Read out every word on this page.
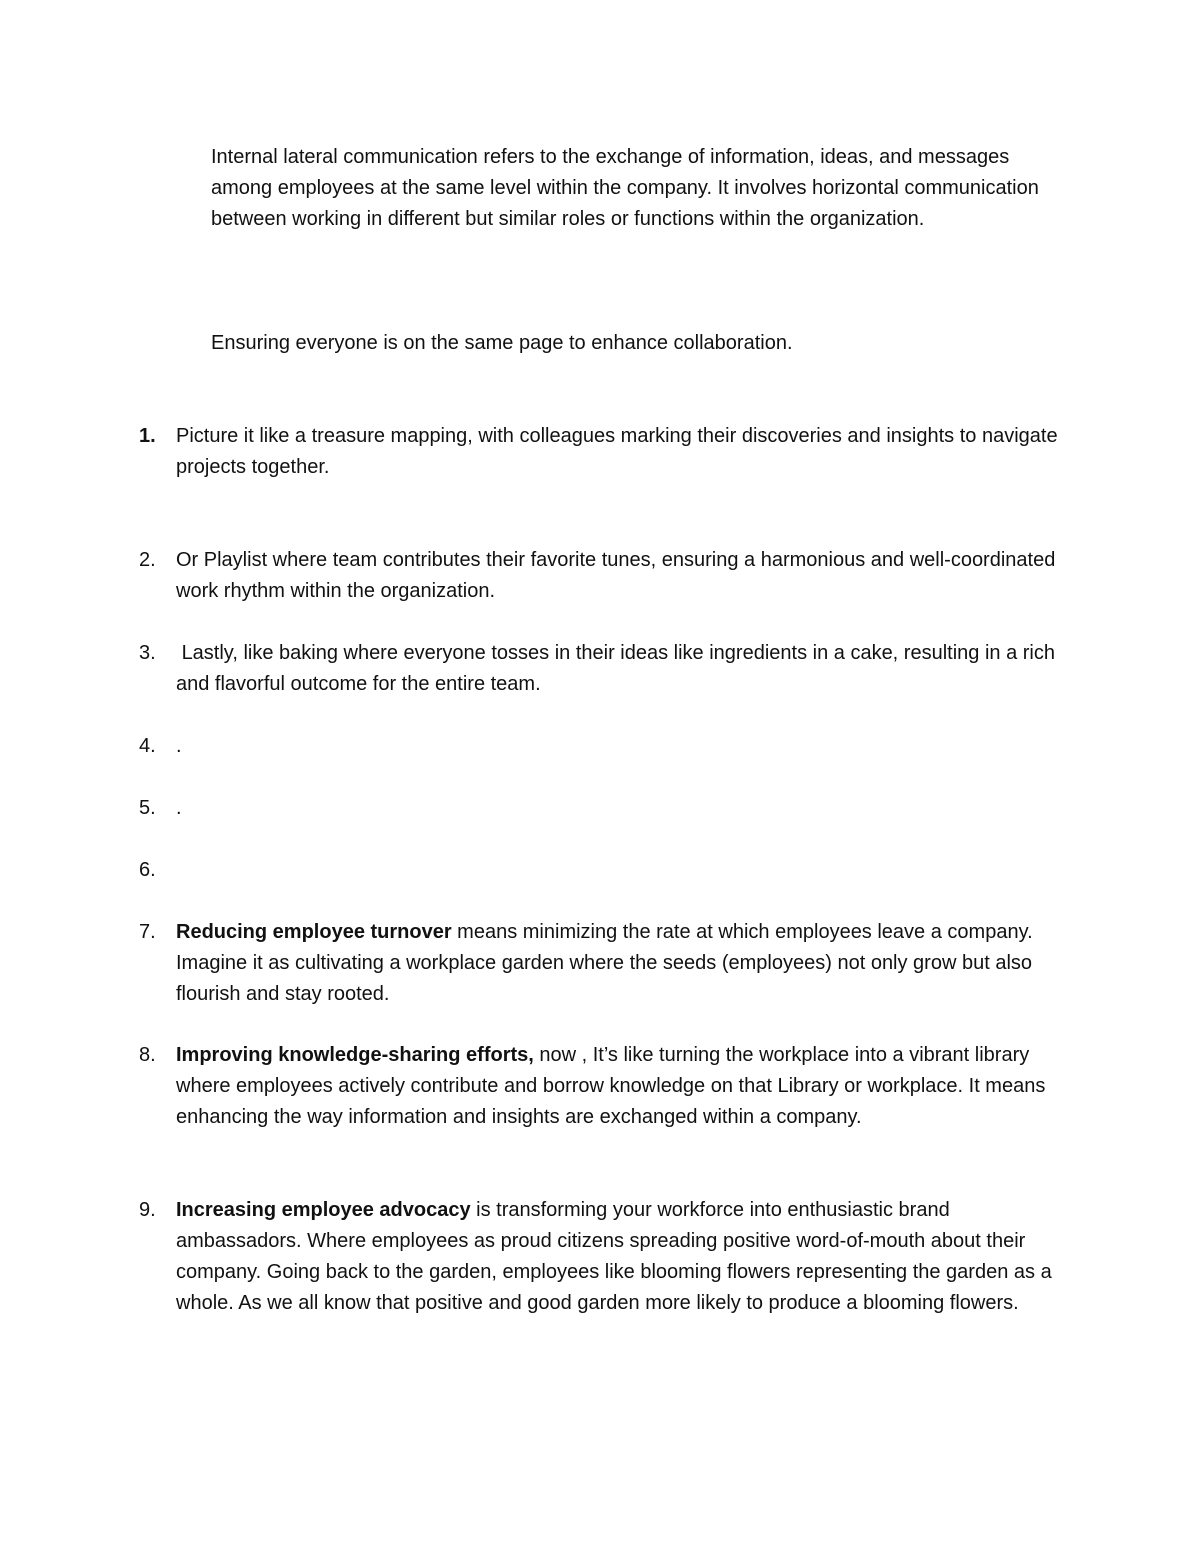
Internal lateral communication refers to the exchange of information, ideas, and messages among employees at the same level within the company. It involves horizontal communication between working in different but similar roles or functions within the organization.

Ensuring everyone is on the same page to enhance collaboration.

1.	Picture it like a treasure mapping, with colleagues marking their discoveries and insights to navigate projects together.
2.	Or Playlist where team contributes their favorite tunes, ensuring a harmonious and well-coordinated work rhythm within the organization.
3.	Lastly, like baking where everyone tosses in their ideas like ingredients in a cake, resulting in a rich and flavorful outcome for the entire team.
4.	.
5.	.
6.
7.	Reducing employee turnover means minimizing the rate at which employees leave a company. Imagine it as cultivating a workplace garden where the seeds (employees) not only grow but also flourish and stay rooted.
8.	Improving knowledge-sharing efforts, now , It’s like turning the workplace into a vibrant library where employees actively contribute and borrow knowledge on that Library or workplace. It means enhancing the way information and insights are exchanged within a company.
9.	Increasing employee advocacy is transforming your workforce into enthusiastic brand ambassadors. Where employees as proud citizens spreading positive word-of-mouth about their company. Going back to the garden, employees like blooming flowers representing the garden as a whole. As we all know that positive and good garden more likely to produce a blooming flowers.
